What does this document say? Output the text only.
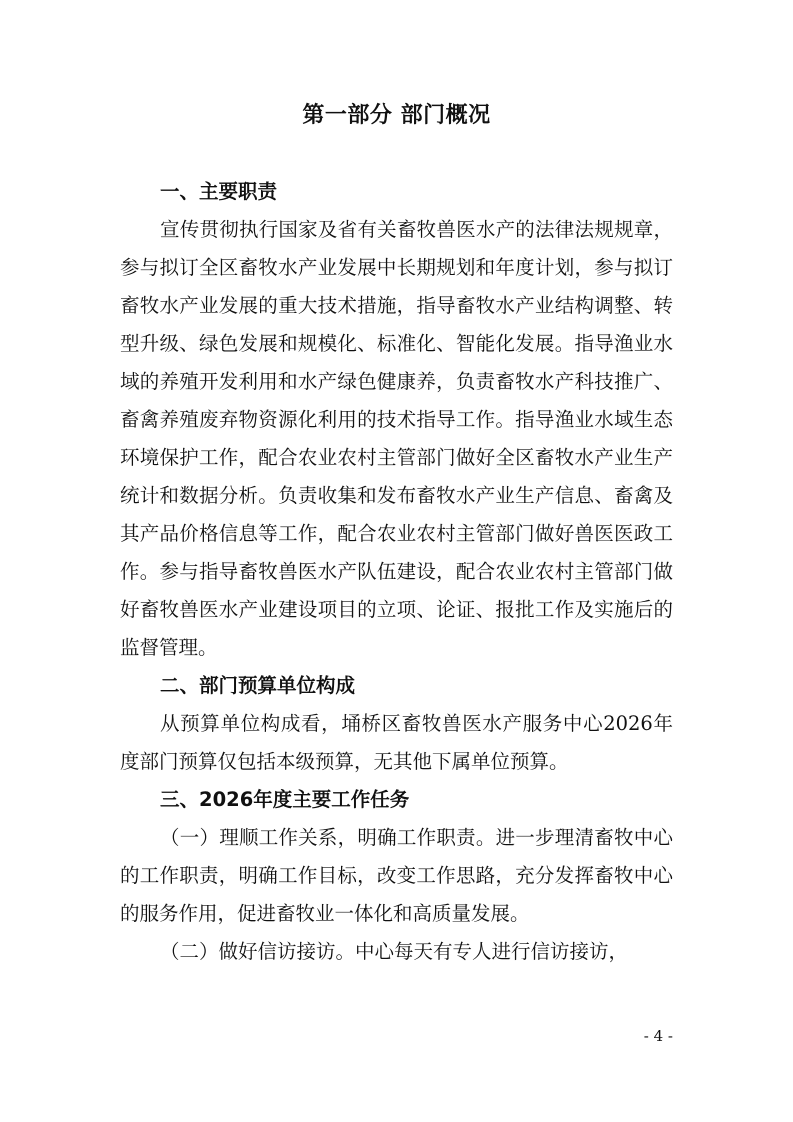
第一部分 部门概况

一、主要职责

宣传贯彻执行国家及省有关畜牧兽医水产的法律法规规章，参与拟订全区畜牧水产业发展中长期规划和年度计划，参与拟订畜牧水产业发展的重大技术措施，指导畜牧水产业结构调整、转型升级、绿色发展和规模化、标准化、智能化发展。指导渔业水域的养殖开发利用和水产绿色健康养，负责畜牧水产科技推广、畜禽养殖废弃物资源化利用的技术指导工作。指导渔业水域生态环境保护工作，配合农业农村主管部门做好全区畜牧水产业生产统计和数据分析。负责收集和发布畜牧水产业生产信息、畜禽及其产品价格信息等工作，配合农业农村主管部门做好兽医医政工作。参与指导畜牧兽医水产队伍建设，配合农业农村主管部门做好畜牧兽医水产业建设项目的立项、论证、报批工作及实施后的监督管理。

二、部门预算单位构成

从预算单位构成看，埇桥区畜牧兽医水产服务中心2026年度部门预算仅包括本级预算，无其他下属单位预算。

三、2026年度主要工作任务

（一）理顺工作关系，明确工作职责。进一步理清畜牧中心的工作职责，明确工作目标，改变工作思路，充分发挥畜牧中心的服务作用，促进畜牧业一体化和高质量发展。

（二）做好信访接访。中心每天有专人进行信访接访，

- 4 -
